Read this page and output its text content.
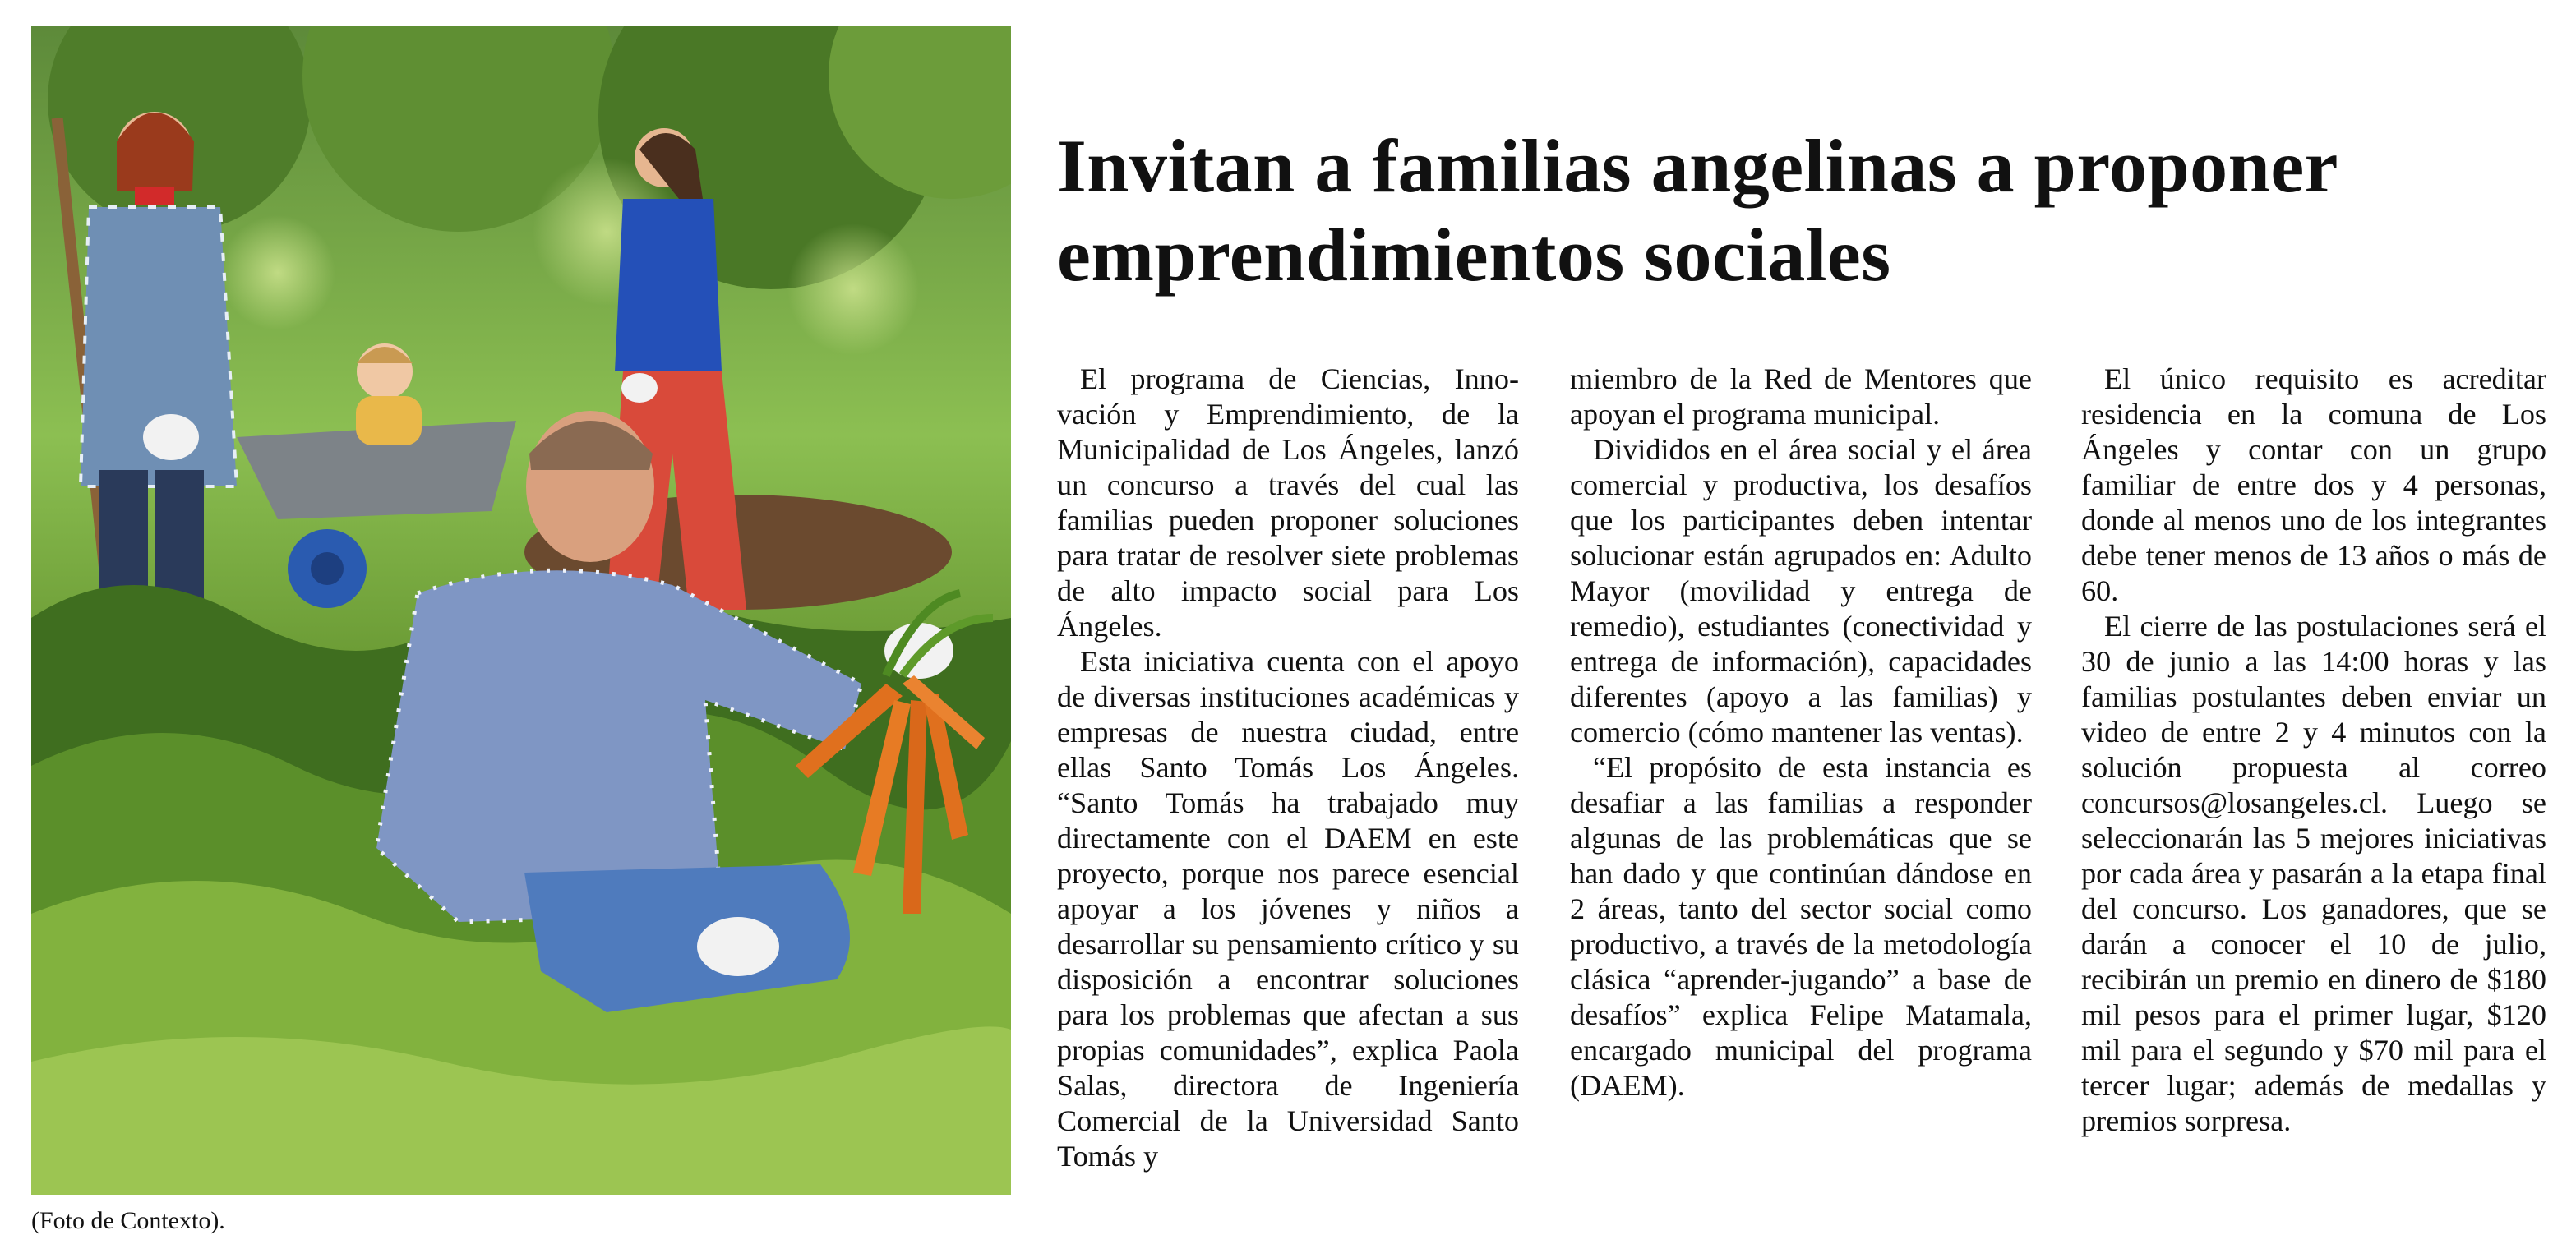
(Foto de Contexto).
Invitan a familias angelinas a proponer emprendimientos sociales

El programa de Ciencias, Innovación y Emprendimiento, de la Municipalidad de Los Ángeles, lanzó un concurso a través del cual las familias pueden proponer soluciones para tratar de resolver siete problemas de alto impacto social para Los Ángeles.

Esta iniciativa cuenta con el apoyo de diversas instituciones académicas y empresas de nuestra ciudad, entre ellas Santo Tomás Los Ángeles. “Santo Tomás ha trabajado muy directamente con el DAEM en este proyecto, porque nos parece esencial apoyar a los jóvenes y niños a desarrollar su pensamiento crítico y su disposición a encontrar soluciones para los problemas que afectan a sus propias comunidades”, explica Paola Salas, directora de Ingeniería Comercial de la Universidad Santo Tomás y

miembro de la Red de Mentores que apoyan el programa municipal.

Divididos en el área social y el área comercial y productiva, los desafíos que los participantes deben intentar solucionar están agrupados en: Adulto Mayor (movilidad y entrega de remedio), estudiantes (conectividad y entrega de información), capacidades diferentes (apoyo a las familias) y comercio (cómo mantener las ventas).

“El propósito de esta instancia es desafiar a las familias a responder algunas de las problemáticas que se han dado y que continúan dándose en 2 áreas, tanto del sector social como productivo, a través de la metodología clásica “aprender-jugando” a base de desafíos” explica Felipe Matamala, encargado municipal del programa (DAEM).

El único requisito es acreditar residencia en la comuna de Los Ángeles y contar con un grupo familiar de entre dos y 4 personas, donde al menos uno de los integrantes debe tener menos de 13 años o más de 60.

El cierre de las postulaciones será el 30 de junio a las 14:00 horas y las familias postulantes deben enviar un video de entre 2 y 4 minutos con la solución propuesta al correo concursos@losangeles.cl. Luego se seleccionarán las 5 mejores iniciativas por cada área y pasarán a la etapa final del concurso. Los ganadores, que se darán a conocer el 10 de julio, recibirán un premio en dinero de $180 mil pesos para el primer lugar, $120 mil para el segundo y $70 mil para el tercer lugar; además de medallas y premios sorpresa.
